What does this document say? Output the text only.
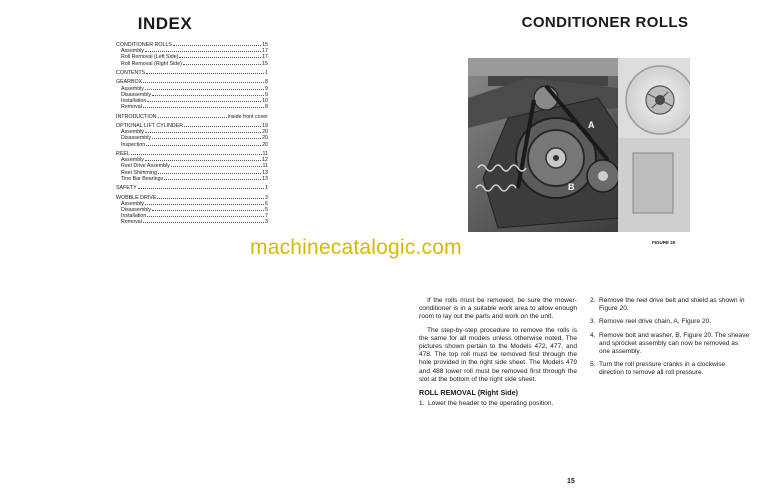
INDEX
CONDITIONER ROLLS	15
Assembly	17
Roll Removal (Left Side)	17
Roll Removal (Right Side)	15
CONTENTS	1
GEARBOX	8
Assembly	9
Disassembly	9
Installation	10
Removal	8
INTRODUCTION	inside front cover
OPTIONAL LIFT CYLINDER	19
Assembly	20
Disassembly	20
Inspection	20
REEL	11
Assembly	12
Reel Drive Assembly	11
Reel Shimming	13
Tine Bar Bearings	13
SAFETY	1
WOBBLE DRIVE	3
Assembly	6
Disassembly	5
Installation	7
Removal	3
CONDITIONER ROLLS
A
B
FIGURE 20
machinecatalogic.com

If the rolls must be removed, be sure the mower-conditioner is in a suitable work area to allow enough room to lay out the parts and work on the unit.

The step-by-step procedure to remove the rolls is the same for all models unless otherwise noted. The pictures shown pertain to the Models 472, 477, and 478. The top roll must be removed first through the hole provided in the right side sheet. The Models 479 and 488 lower roll must be removed first through the slot at the bottom of the right side sheet.

ROLL REMOVAL (Right Side)
1. Lower the header to the operating position.
2. Remove the reel drive belt and shield as shown in Figure 20.
3. Remove reel drive chain, A, Figure 20.
4. Remove bolt and washer, B, Figure 20. The sheave and sprocket assembly can now be removed as one assembly.
5. Turn the roll pressure cranks in a clockwise direction to remove all roll pressure.
15
